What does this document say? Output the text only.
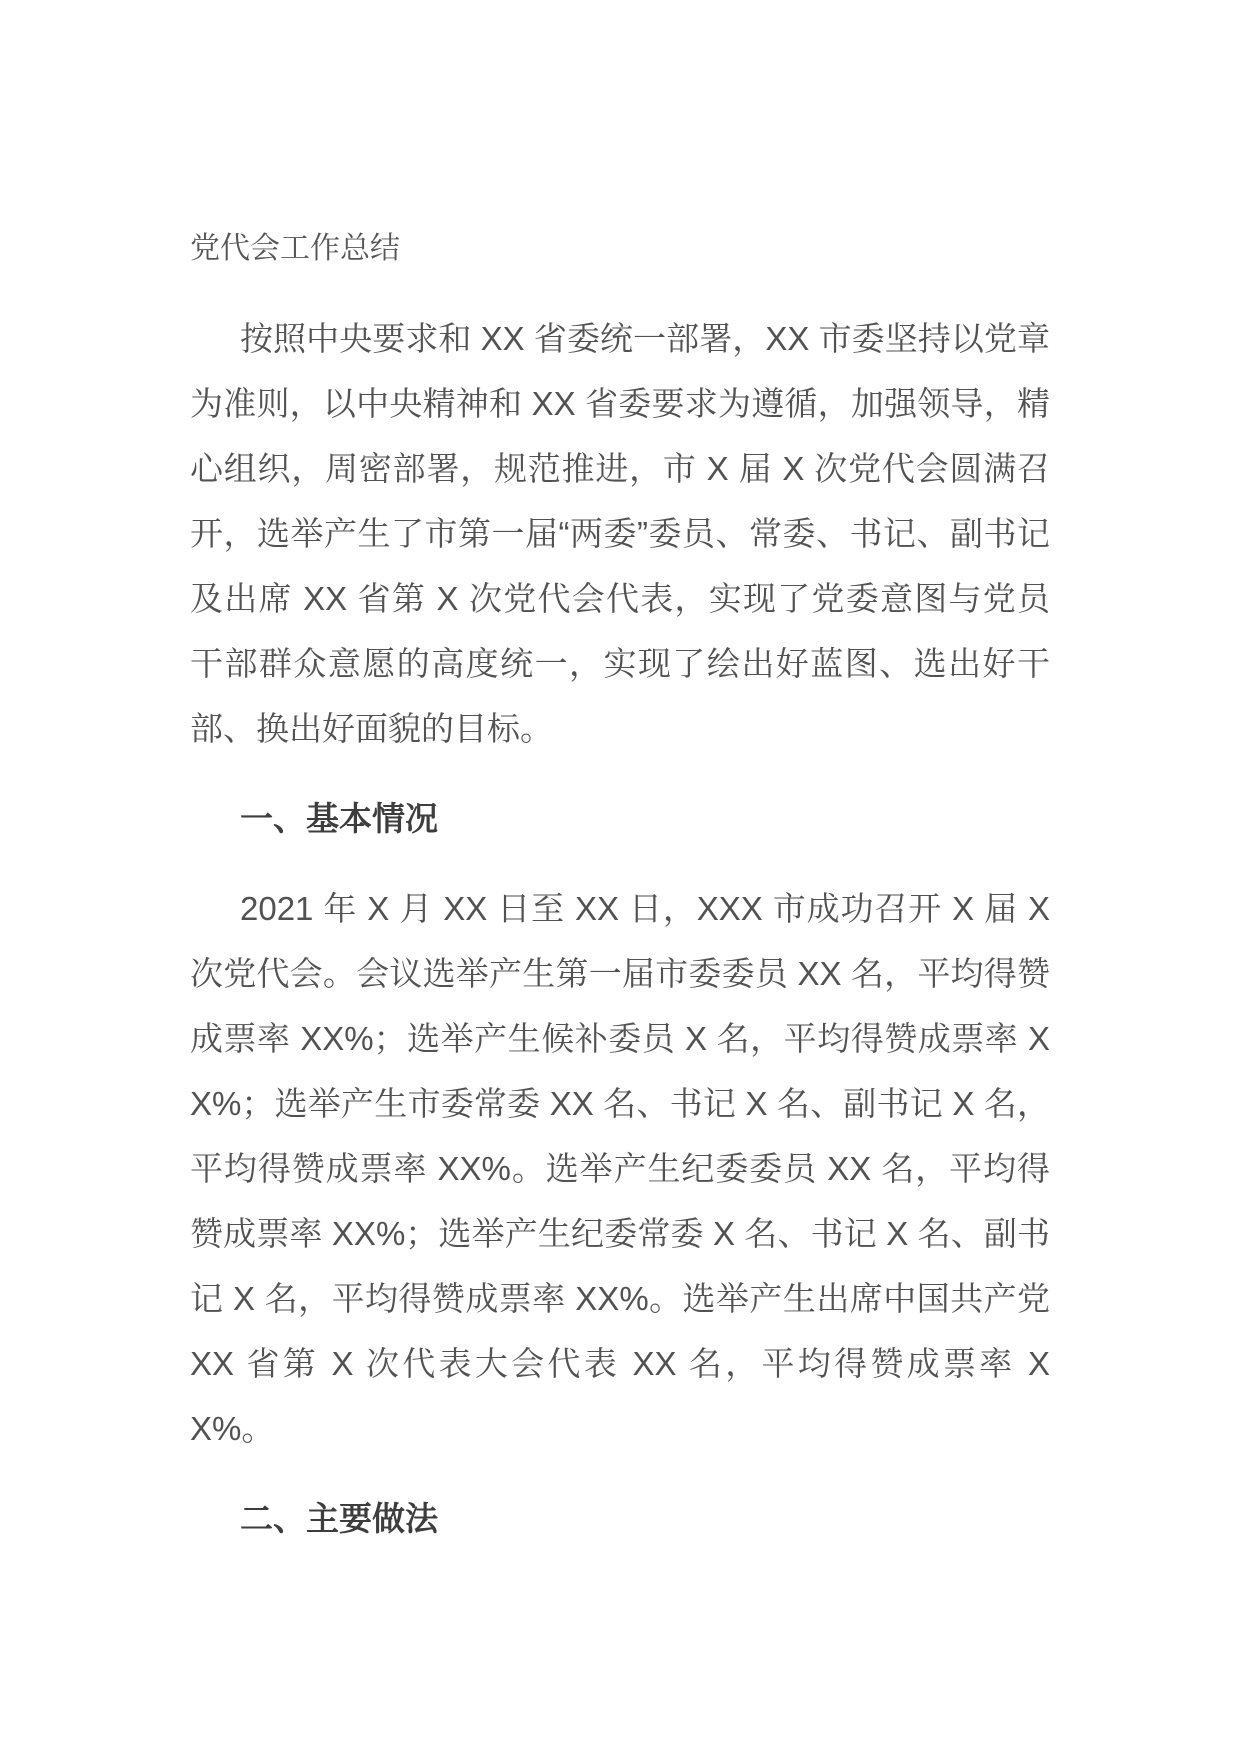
党代会工作总结

按照中央要求和 XX 省委统一部署，XX 市委坚持以党章为准则，以中央精神和 XX 省委要求为遵循，加强领导，精心组织，周密部署，规范推进，市 X 届 X 次党代会圆满召开，选举产生了市第一届“两委”委员、常委、书记、副书记及出席 XX 省第 X 次党代会代表，实现了党委意图与党员干部群众意愿的高度统一，实现了绘出好蓝图、选出好干部、换出好面貌的目标。

一、基本情况

2021 年 X 月 XX 日至 XX 日，XXX 市成功召开 X 届 X 次党代会。会议选举产生第一届市委委员 XX 名，平均得赞成票率 XX%；选举产生候补委员 X 名，平均得赞成票率 XX%；选举产生市委常委 XX 名、书记 X 名、副书记 X 名，平均得赞成票率 XX%。选举产生纪委委员 XX 名，平均得赞成票率 XX%；选举产生纪委常委 X 名、书记 X 名、副书记 X 名，平均得赞成票率 XX%。选举产生出席中国共产党 XX 省第 X 次代表大会代表 XX 名，平均得赞成票率 XX%。

二、主要做法
